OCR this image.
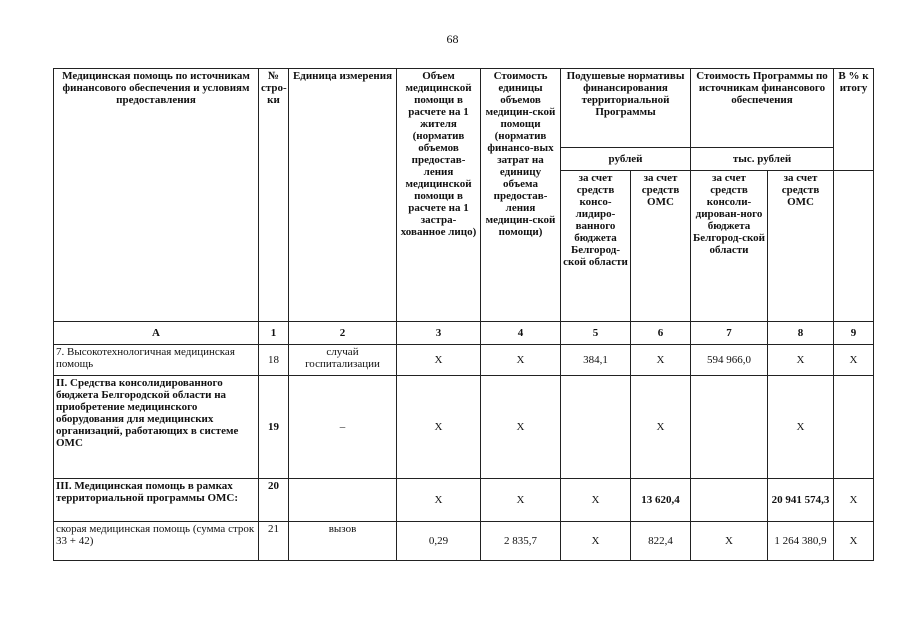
68
Медицинская помощь по источникам финансового обеспечения и условиям предоставления	№ стро-ки	Единица измерения	Объем медицинской помощи в расчете на 1 жителя (норматив объемов предостав-ления медицинской помощи в расчете на 1 застра-хованное лицо)	Стоимость единицы объемов медицин-ской помощи (норматив финансо-вых затрат на единицу объема предостав-ления медицин-ской помощи)	Подушевые нормативы финансирования территориальной Программы		Стоимость Программы по источникам финансового обеспечения		В % к итогу
					рублей		тыс. рублей		
					за счет средств консо-лидиро-ванного бюджета Белгород-ской области	за счет средств ОМС	за счет средств консоли-дирован-ного бюджета Белгород-ской области	за счет средств ОМС	
А	1	2	3	4	5	6	7	8	9
7. Высокотехнологичная медицинская помощь	18	случай госпитализации	Х	Х	384,1	Х	594 966,0	Х	Х
II. Средства консолидированного бюджета Белгородской области на приобретение медицинского оборудования для медицинских организаций, работающих в системе ОМС	19	–	Х	Х		Х		Х	
III. Медицинская помощь в рамках территориальной программы ОМС:	20		Х	Х	Х	13 620,4		20 941 574,3	Х
скорая медицинская помощь (сумма строк 33 + 42)	21	вызов	0,29	2 835,7	Х	822,4	Х	1 264 380,9	Х
